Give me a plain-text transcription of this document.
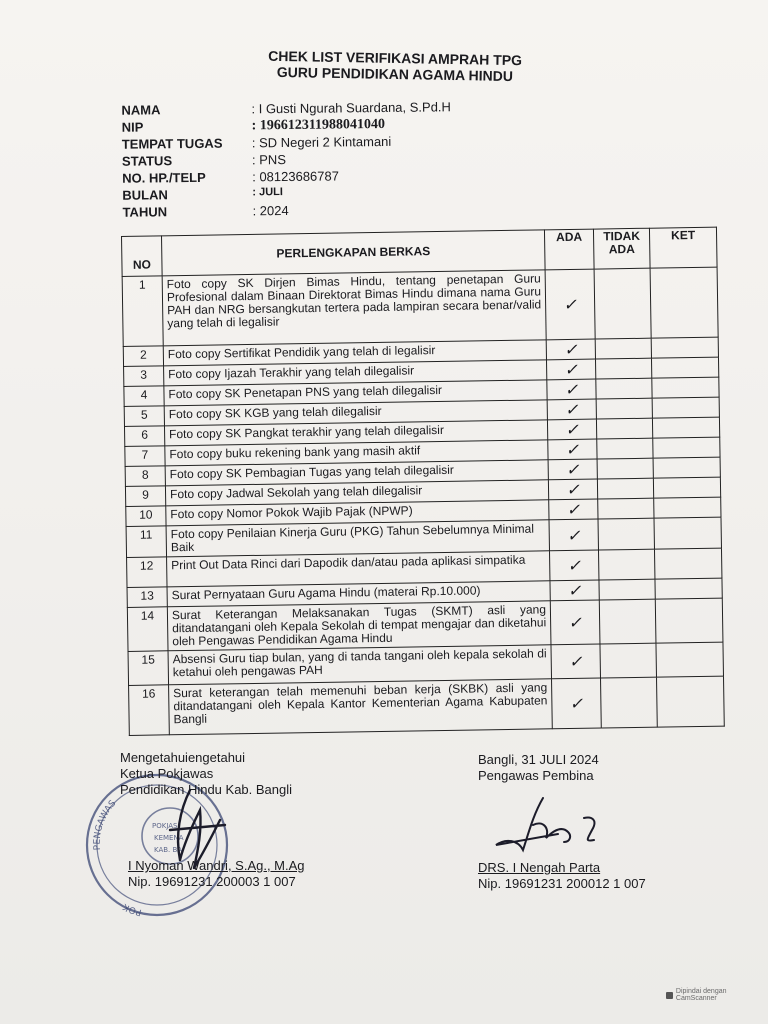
CHEK LIST VERIFIKASI AMPRAH TPG
GURU PENDIDIKAN AGAMA HINDU
NAMA	: I Gusti Ngurah Suardana, S.Pd.H
NIP	: 196612311988041040
TEMPAT TUGAS	: SD Negeri 2 Kintamani
STATUS	: PNS
NO. HP./TELP	: 08123686787
BULAN	: JULI
TAHUN	: 2024
NO	PERLENGKAPAN BERKAS	ADA	TIDAK ADA	KET
1	Foto copy SK Dirjen Bimas Hindu, tentang penetapan Guru Profesional dalam Binaan Direktorat Bimas Hindu dimana nama Guru PAH dan NRG bersangkutan tertera pada lampiran secara benar/valid yang telah di legalisir	✓		
2	Foto copy Sertifikat Pendidik yang telah di legalisir	✓		
3	Foto copy Ijazah Terakhir yang telah dilegalisir	✓		
4	Foto copy SK Penetapan PNS yang telah dilegalisir	✓		
5	Foto copy SK KGB yang telah dilegalisir	✓		
6	Foto copy SK Pangkat terakhir yang telah dilegalisir	✓		
7	Foto copy buku rekening bank yang masih aktif	✓		
8	Foto copy SK Pembagian Tugas yang telah dilegalisir	✓		
9	Foto copy Jadwal Sekolah yang telah dilegalisir	✓		
10	Foto copy Nomor Pokok Wajib Pajak (NPWP)	✓		
11	Foto copy Penilaian Kinerja Guru (PKG) Tahun Sebelumnya Minimal Baik	✓		
12	Print Out Data Rinci dari Dapodik dan/atau pada aplikasi simpatika	✓		
13	Surat Pernyataan Guru Agama Hindu (materai Rp.10.000)	✓		
14	Surat Keterangan Melaksanakan Tugas (SKMT) asli yang ditandatangani oleh Kepala Sekolah di tempat mengajar dan diketahui oleh Pengawas Pendidikan Agama Hindu	✓		
15	Absensi Guru tiap bulan, yang di tanda tangani oleh kepala sekolah di ketahui oleh pengawas PAH	✓		
16	Surat keterangan telah memenuhi beban kerja (SKBK) asli yang ditandatangani oleh Kepala Kantor Kementerian Agama Kabupaten Bangli	✓		
PENGAWAS
POK
POKJAS
KEMENA
KAB. BA
Mengetahuiengetahui
Ketua Pokjawas
Pendidikan Hindu Kab. Bangli
I Nyoman Wandri, S.Ag., M.Ag
Nip. 19691231 200003 1 007
Bangli, 31 JULI 2024
Pengawas Pembina
DRS. I Nengah Parta
Nip. 19691231 200012 1 007
Dipindai dengan CamScanner
